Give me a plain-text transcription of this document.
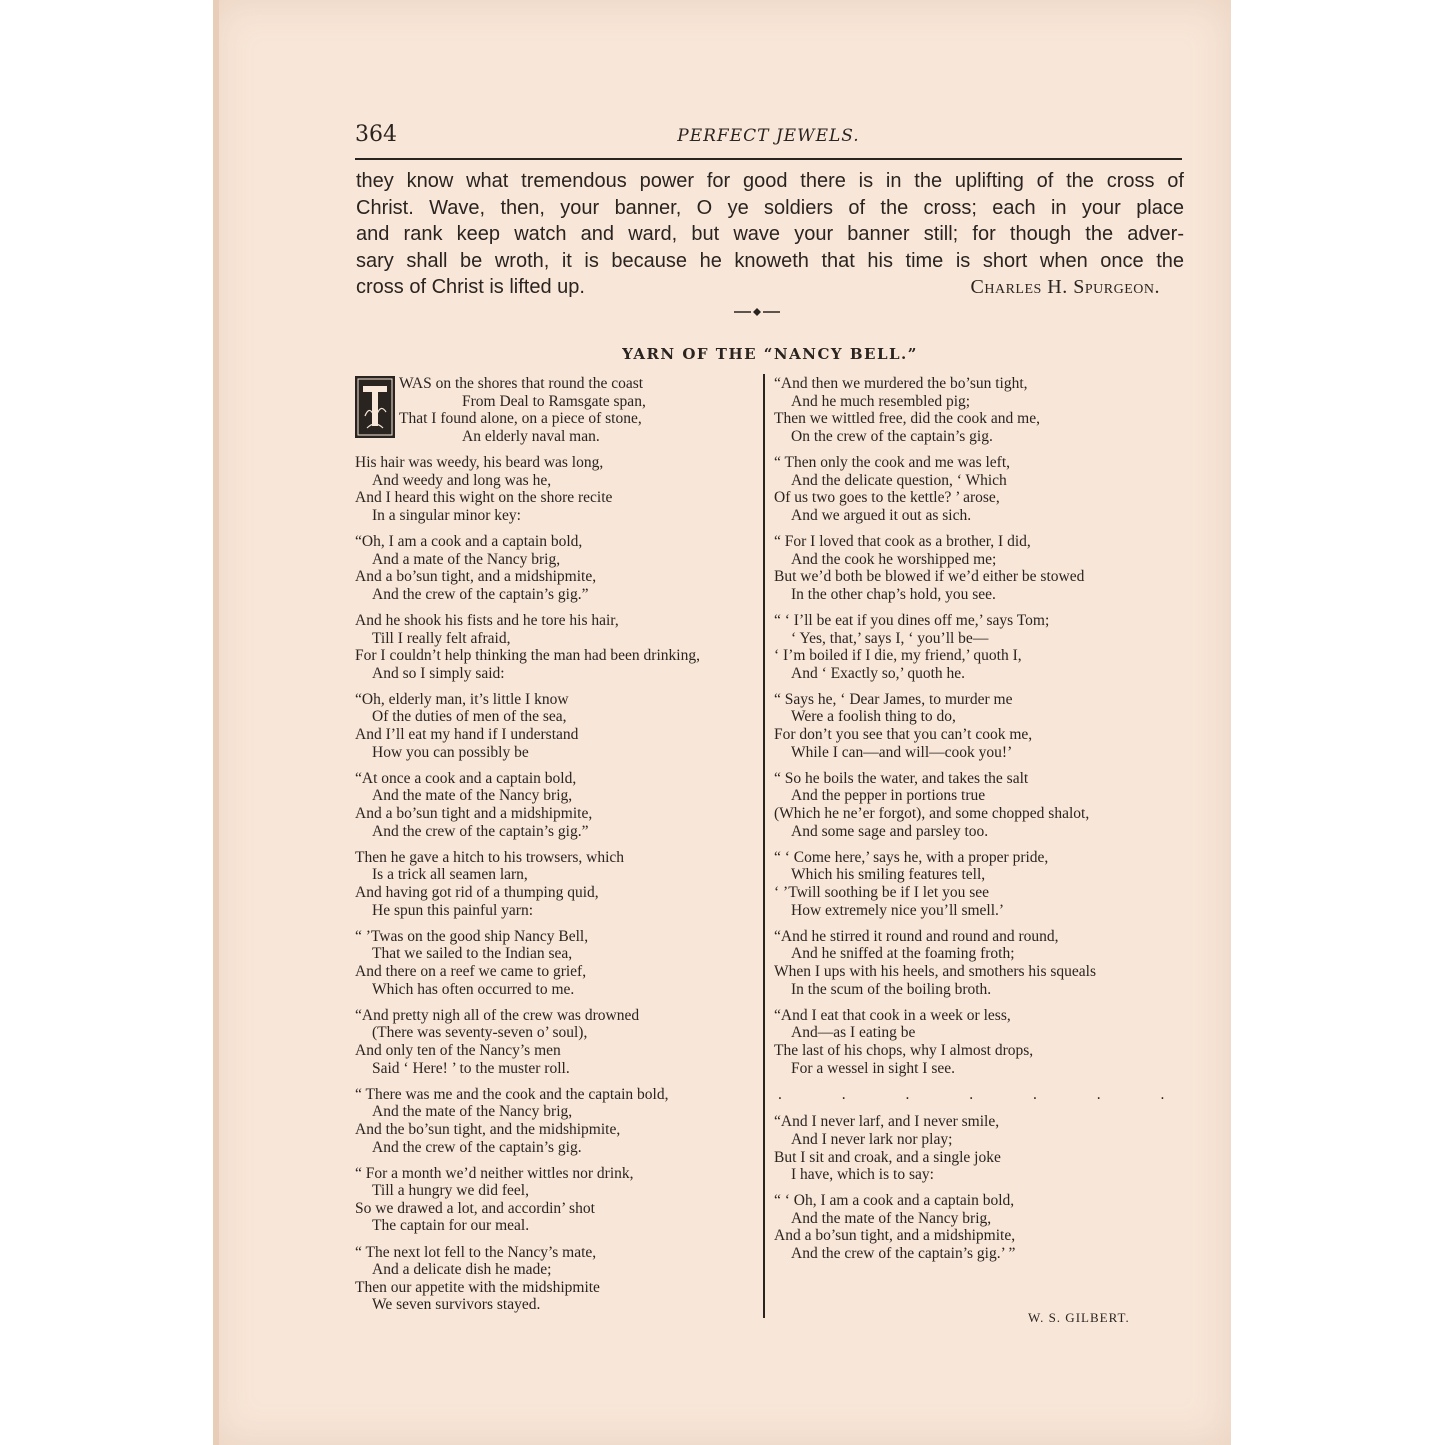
364	PERFECT JEWELS.
they know what tremendous power for good there is in the uplifting of the cross of
Christ. Wave, then, your banner, O ye soldiers of the cross; each in your place
and rank keep watch and ward, but wave your banner still; for though the adver-
sary shall be wroth, it is because he knoweth that his time is short when once the
cross of Christ is lifted up.	Charles H. Spurgeon.
YARN OF THE “NANCY BELL.”
WAS on the shores that round the coast
From Deal to Ramsgate span,
That I found alone, on a piece of stone,
An elderly naval man.
His hair was weedy, his beard was long,
And weedy and long was he,
And I heard this wight on the shore recite
In a singular minor key:
“Oh, I am a cook and a captain bold,
And a mate of the Nancy brig,
And a bo’sun tight, and a midshipmite,
And the crew of the captain’s gig.”
And he shook his fists and he tore his hair,
Till I really felt afraid,
For I couldn’t help thinking the man had been drinking,
And so I simply said:
“Oh, elderly man, it’s little I know
Of the duties of men of the sea,
And I’ll eat my hand if I understand
How you can possibly be
“At once a cook and a captain bold,
And the mate of the Nancy brig,
And a bo’sun tight and a midshipmite,
And the crew of the captain’s gig.”
Then he gave a hitch to his trowsers, which
Is a trick all seamen larn,
And having got rid of a thumping quid,
He spun this painful yarn:
“ ’Twas on the good ship Nancy Bell,
That we sailed to the Indian sea,
And there on a reef we came to grief,
Which has often occurred to me.
“And pretty nigh all of the crew was drowned
(There was seventy-seven o’ soul),
And only ten of the Nancy’s men
Said ‘ Here! ’ to the muster roll.
“ There was me and the cook and the captain bold,
And the mate of the Nancy brig,
And the bo’sun tight, and the midshipmite,
And the crew of the captain’s gig.
“ For a month we’d neither wittles nor drink,
Till a hungry we did feel,
So we drawed a lot, and accordin’ shot
The captain for our meal.
“ The next lot fell to the Nancy’s mate,
And a delicate dish he made;
Then our appetite with the midshipmite
We seven survivors stayed.
“And then we murdered the bo’sun tight,
And he much resembled pig;
Then we wittled free, did the cook and me,
On the crew of the captain’s gig.
“ Then only the cook and me was left,
And the delicate question, ‘ Which
Of us two goes to the kettle? ’ arose,
And we argued it out as sich.
“ For I loved that cook as a brother, I did,
And the cook he worshipped me;
But we’d both be blowed if we’d either be stowed
In the other chap’s hold, you see.
“ ‘ I’ll be eat if you dines off me,’ says Tom;
‘ Yes, that,’ says I, ‘ you’ll be—
‘ I’m boiled if I die, my friend,’ quoth I,
And ‘ Exactly so,’ quoth he.
“ Says he, ‘ Dear James, to murder me
Were a foolish thing to do,
For don’t you see that you can’t cook me,
While I can—and will—cook you!’
“ So he boils the water, and takes the salt
And the pepper in portions true
(Which he ne’er forgot), and some chopped shalot,
And some sage and parsley too.
“ ‘ Come here,’ says he, with a proper pride,
Which his smiling features tell,
‘ ’Twill soothing be if I let you see
How extremely nice you’ll smell.’
“And he stirred it round and round and round,
And he sniffed at the foaming froth;
When I ups with his heels, and smothers his squeals
In the scum of the boiling broth.
“And I eat that cook in a week or less,
And—as I eating be
The last of his chops, why I almost drops,
For a wessel in sight I see.
. . . . . . .
“And I never larf, and I never smile,
And I never lark nor play;
But I sit and croak, and a single joke
I have, which is to say:
“ ‘ Oh, I am a cook and a captain bold,
And the mate of the Nancy brig,
And a bo’sun tight, and a midshipmite,
And the crew of the captain’s gig.’ ”
W. S. GILBERT.
